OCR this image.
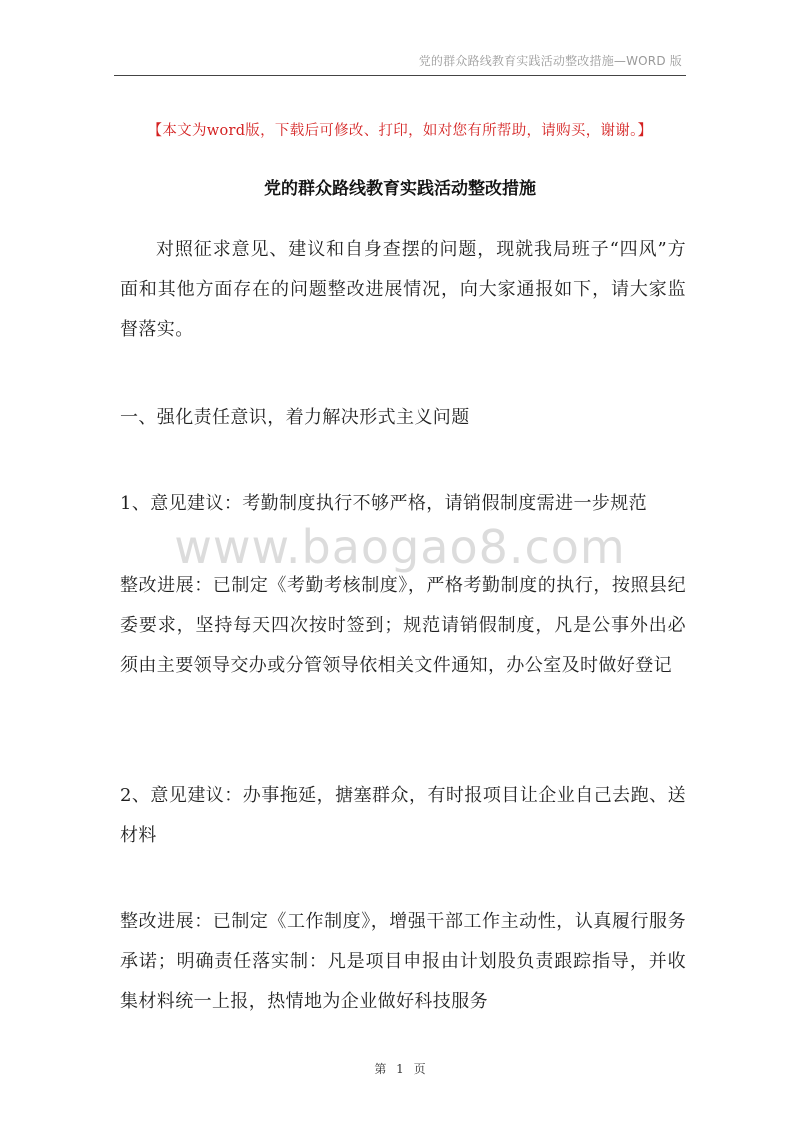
党的群众路线教育实践活动整改措施—WORD 版
【本文为word版，下载后可修改、打印，如对您有所帮助，请购买，谢谢。】
党的群众路线教育实践活动整改措施
对照征求意见、建议和自身查摆的问题，现就我局班子“四风”方面和其他方面存在的问题整改进展情况，向大家通报如下，请大家监督落实。
一、强化责任意识，着力解决形式主义问题
1、意见建议：考勤制度执行不够严格，请销假制度需进一步规范
www.baogao8.com
整改进展：已制定《考勤考核制度》，严格考勤制度的执行，按照县纪委要求，坚持每天四次按时签到；规范请销假制度，凡是公事外出必须由主要领导交办或分管领导依相关文件通知，办公室及时做好登记
2、意见建议：办事拖延，搪塞群众，有时报项目让企业自己去跑、送材料
整改进展：已制定《工作制度》，增强干部工作主动性，认真履行服务承诺；明确责任落实制：凡是项目申报由计划股负责跟踪指导，并收集材料统一上报，热情地为企业做好科技服务
第 1 页
